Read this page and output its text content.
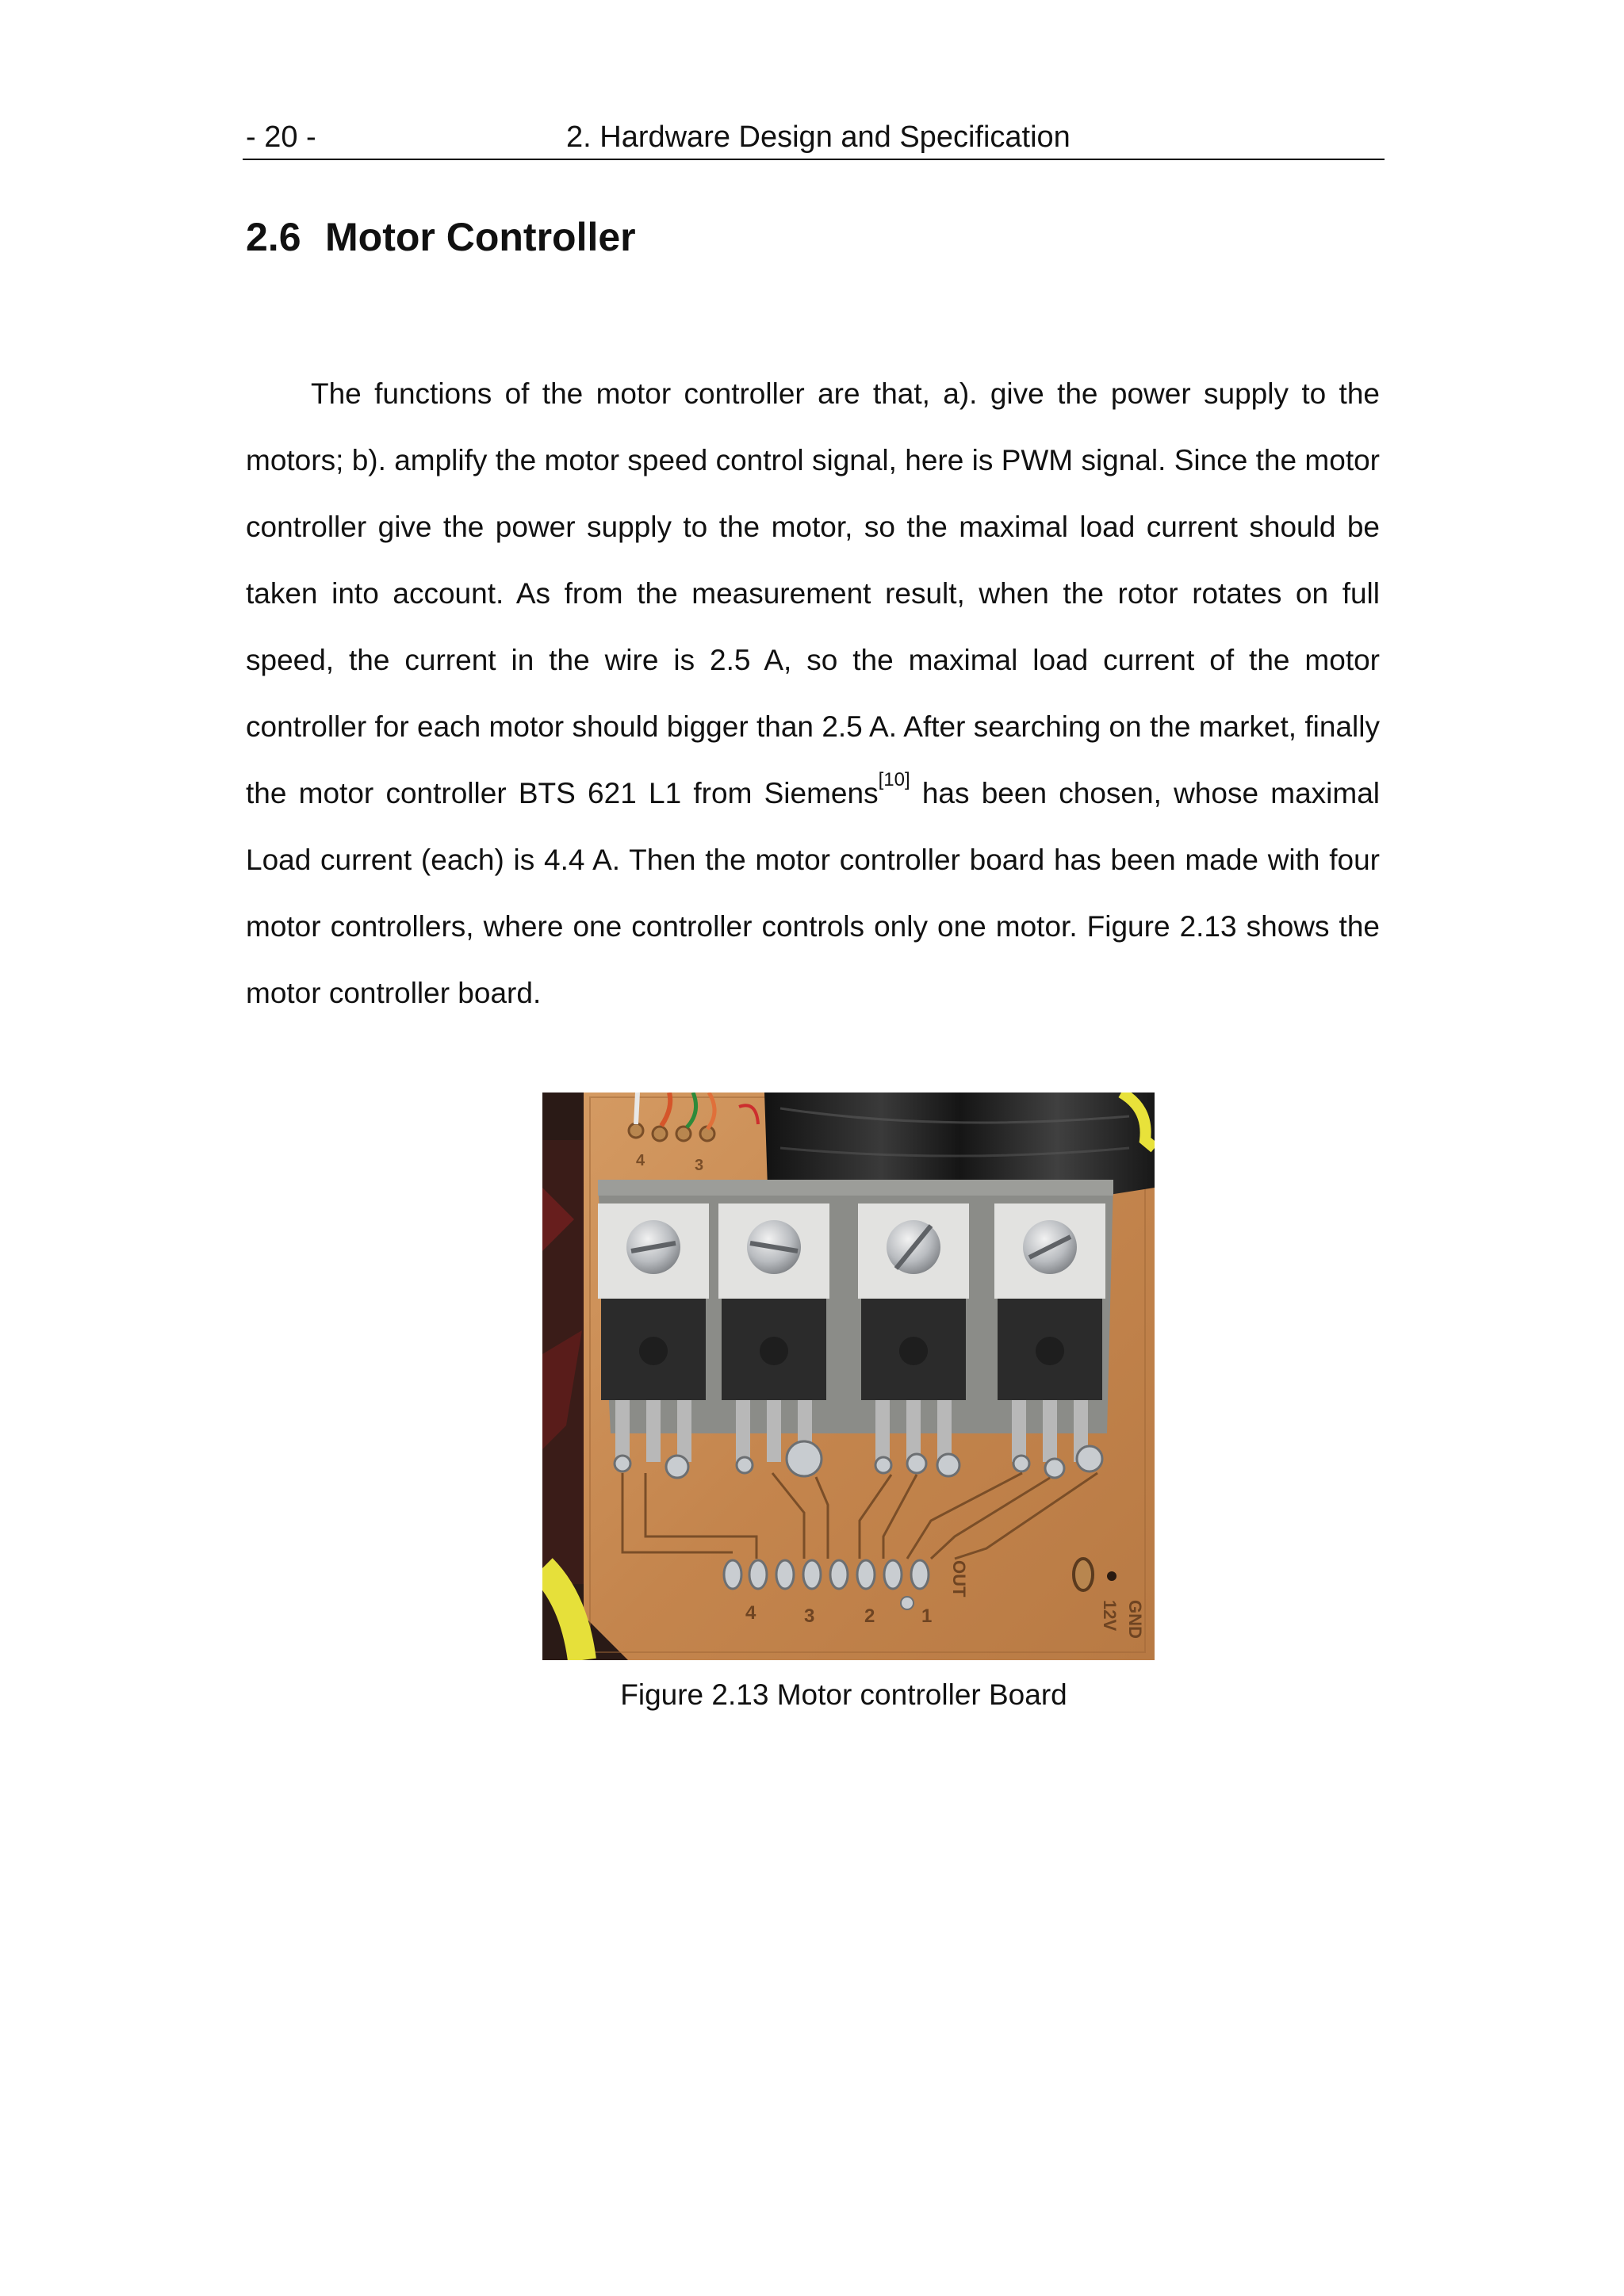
- 20 -	2. Hardware Design and Specification
2.6 Motor Controller

The functions of the motor controller are that, a). give the power supply to the motors; b). amplify the motor speed control signal, here is PWM signal. Since the motor controller give the power supply to the motor, so the maximal load current should be taken into account. As from the measurement result, when the rotor rotates on full speed, the current in the wire is 2.5 A, so the maximal load current of the motor controller for each motor should bigger than 2.5 A. After searching on the market, finally the motor controller BTS 621 L1 from Siemens[10] has been chosen, whose maximal Load current (each) is 4.4 A. Then the motor controller board has been made with four motor controllers, where one controller controls only one motor. Figure 2.13 shows the motor controller board.

4	3
OUT
GND
12V
4	3	2 1
Figure 2.13 Motor controller Board
